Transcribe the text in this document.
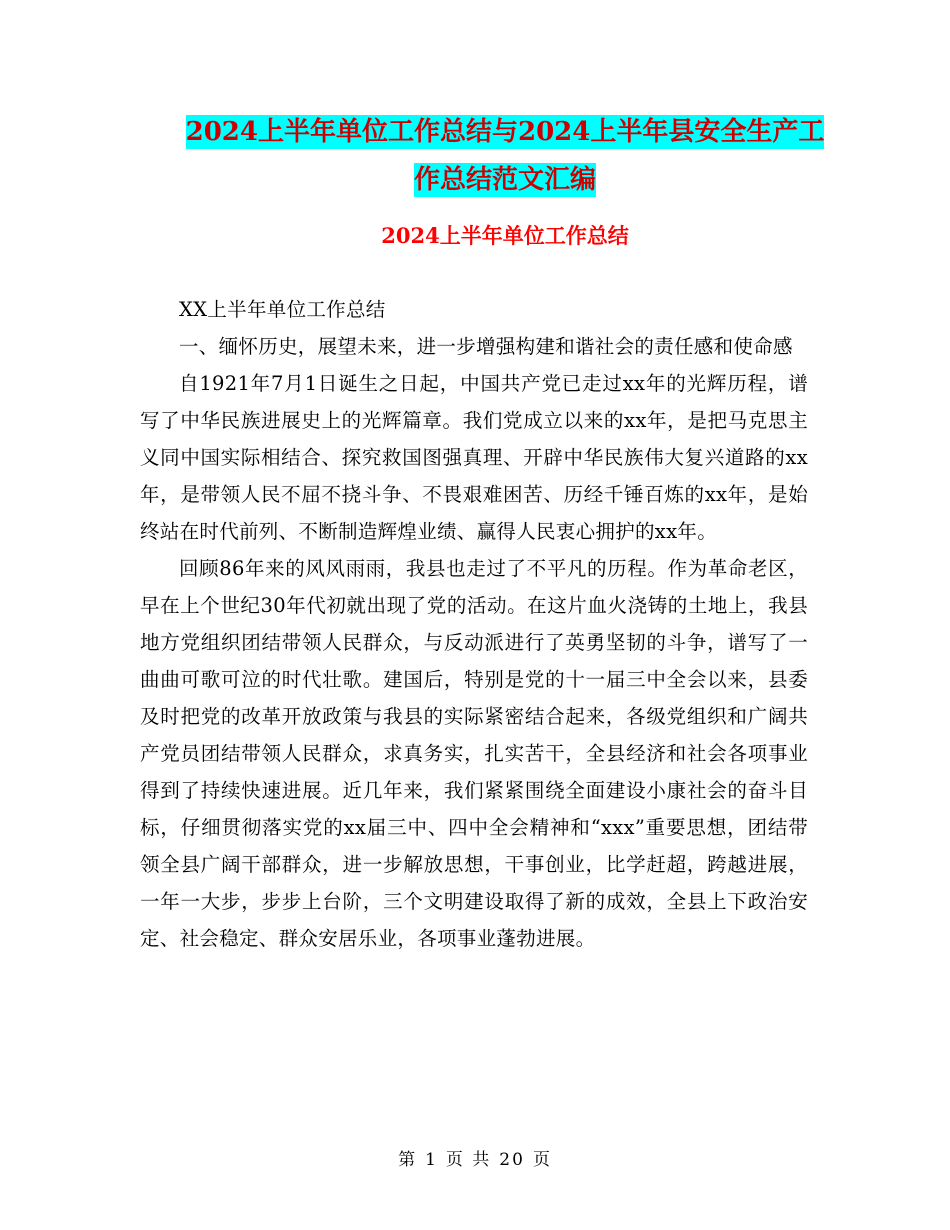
2024上半年单位工作总结与2024上半年县安全生产工
作总结范文汇编
2024上半年单位工作总结

XX上半年单位工作总结

一、缅怀历史，展望未来，进一步增强构建和谐社会的责任感和使命感

自1921年7月1日诞生之日起，中国共产党已走过xx年的光辉历程，谱写了中华民族进展史上的光辉篇章。我们党成立以来的xx年，是把马克思主义同中国实际相结合、探究救国图强真理、开辟中华民族伟大复兴道路的xx年，是带领人民不屈不挠斗争、不畏艰难困苦、历经千锤百炼的xx年，是始终站在时代前列、不断制造辉煌业绩、赢得人民衷心拥护的xx年。

回顾86年来的风风雨雨，我县也走过了不平凡的历程。作为革命老区，早在上个世纪30年代初就出现了党的活动。在这片血火浇铸的土地上，我县地方党组织团结带领人民群众，与反动派进行了英勇坚韧的斗争，谱写了一曲曲可歌可泣的时代壮歌。建国后，特别是党的十一届三中全会以来，县委及时把党的改革开放政策与我县的实际紧密结合起来，各级党组织和广阔共产党员团结带领人民群众，求真务实，扎实苦干，全县经济和社会各项事业得到了持续快速进展。近几年来，我们紧紧围绕全面建设小康社会的奋斗目标，仔细贯彻落实党的xx届三中、四中全会精神和“xxx”重要思想，团结带领全县广阔干部群众，进一步解放思想，干事创业，比学赶超，跨越进展，一年一大步，步步上台阶，三个文明建设取得了新的成效，全县上下政治安定、社会稳定、群众安居乐业，各项事业蓬勃进展。

第 1 页 共 20 页
